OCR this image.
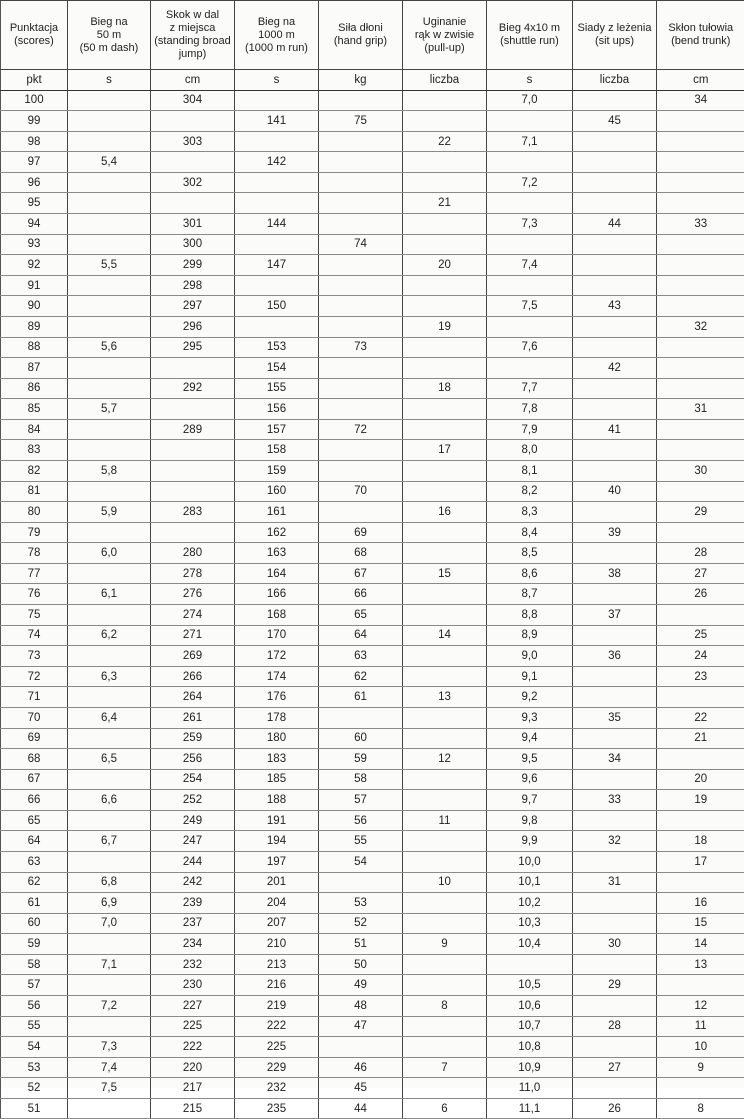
Punktacja
(scores)	Bieg na
50 m
(50 m dash)	Skok w dal
z miejsca
(standing broad
jump)	Bieg na
1000 m
(1000 m run)	Siła dłoni
(hand grip)	Uginanie
rąk w zwisie
(pull-up)	Bieg 4x10 m
(shuttle run)	Siady z leżenia
(sit ups)	Skłon tułowia
(bend trunk)

pkt	s	cm	s	kg	liczba	s	liczba	cm
100		304				7,0		34
99			141	75			45	
98		303			22	7,1		
97	5,4		142					
96		302				7,2		
95					21			
94		301	144			7,3	44	33
93		300		74				
92	5,5	299	147		20	7,4		
91		298						
90		297	150			7,5	43	
89		296			19			32
88	5,6	295	153	73		7,6		
87			154				42	
86		292	155		18	7,7		
85	5,7		156			7,8		31
84		289	157	72		7,9	41	
83			158		17	8,0		
82	5,8		159			8,1		30
81			160	70		8,2	40	
80	5,9	283	161		16	8,3		29
79			162	69		8,4	39	
78	6,0	280	163	68		8,5		28
77		278	164	67	15	8,6	38	27
76	6,1	276	166	66		8,7		26
75		274	168	65		8,8	37	
74	6,2	271	170	64	14	8,9		25
73		269	172	63		9,0	36	24
72	6,3	266	174	62		9,1		23
71		264	176	61	13	9,2		
70	6,4	261	178			9,3	35	22
69		259	180	60		9,4		21
68	6,5	256	183	59	12	9,5	34	
67		254	185	58		9,6		20
66	6,6	252	188	57		9,7	33	19
65		249	191	56	11	9,8		
64	6,7	247	194	55		9,9	32	18
63		244	197	54		10,0		17
62	6,8	242	201		10	10,1	31	
61	6,9	239	204	53		10,2		16
60	7,0	237	207	52		10,3		15
59		234	210	51	9	10,4	30	14
58	7,1	232	213	50				13
57		230	216	49		10,5	29	
56	7,2	227	219	48	8	10,6		12
55		225	222	47		10,7	28	11
54	7,3	222	225			10,8		10
53	7,4	220	229	46	7	10,9	27	9
52	7,5	217	232	45		11,0		
51		215	235	44	6	11,1	26	8
